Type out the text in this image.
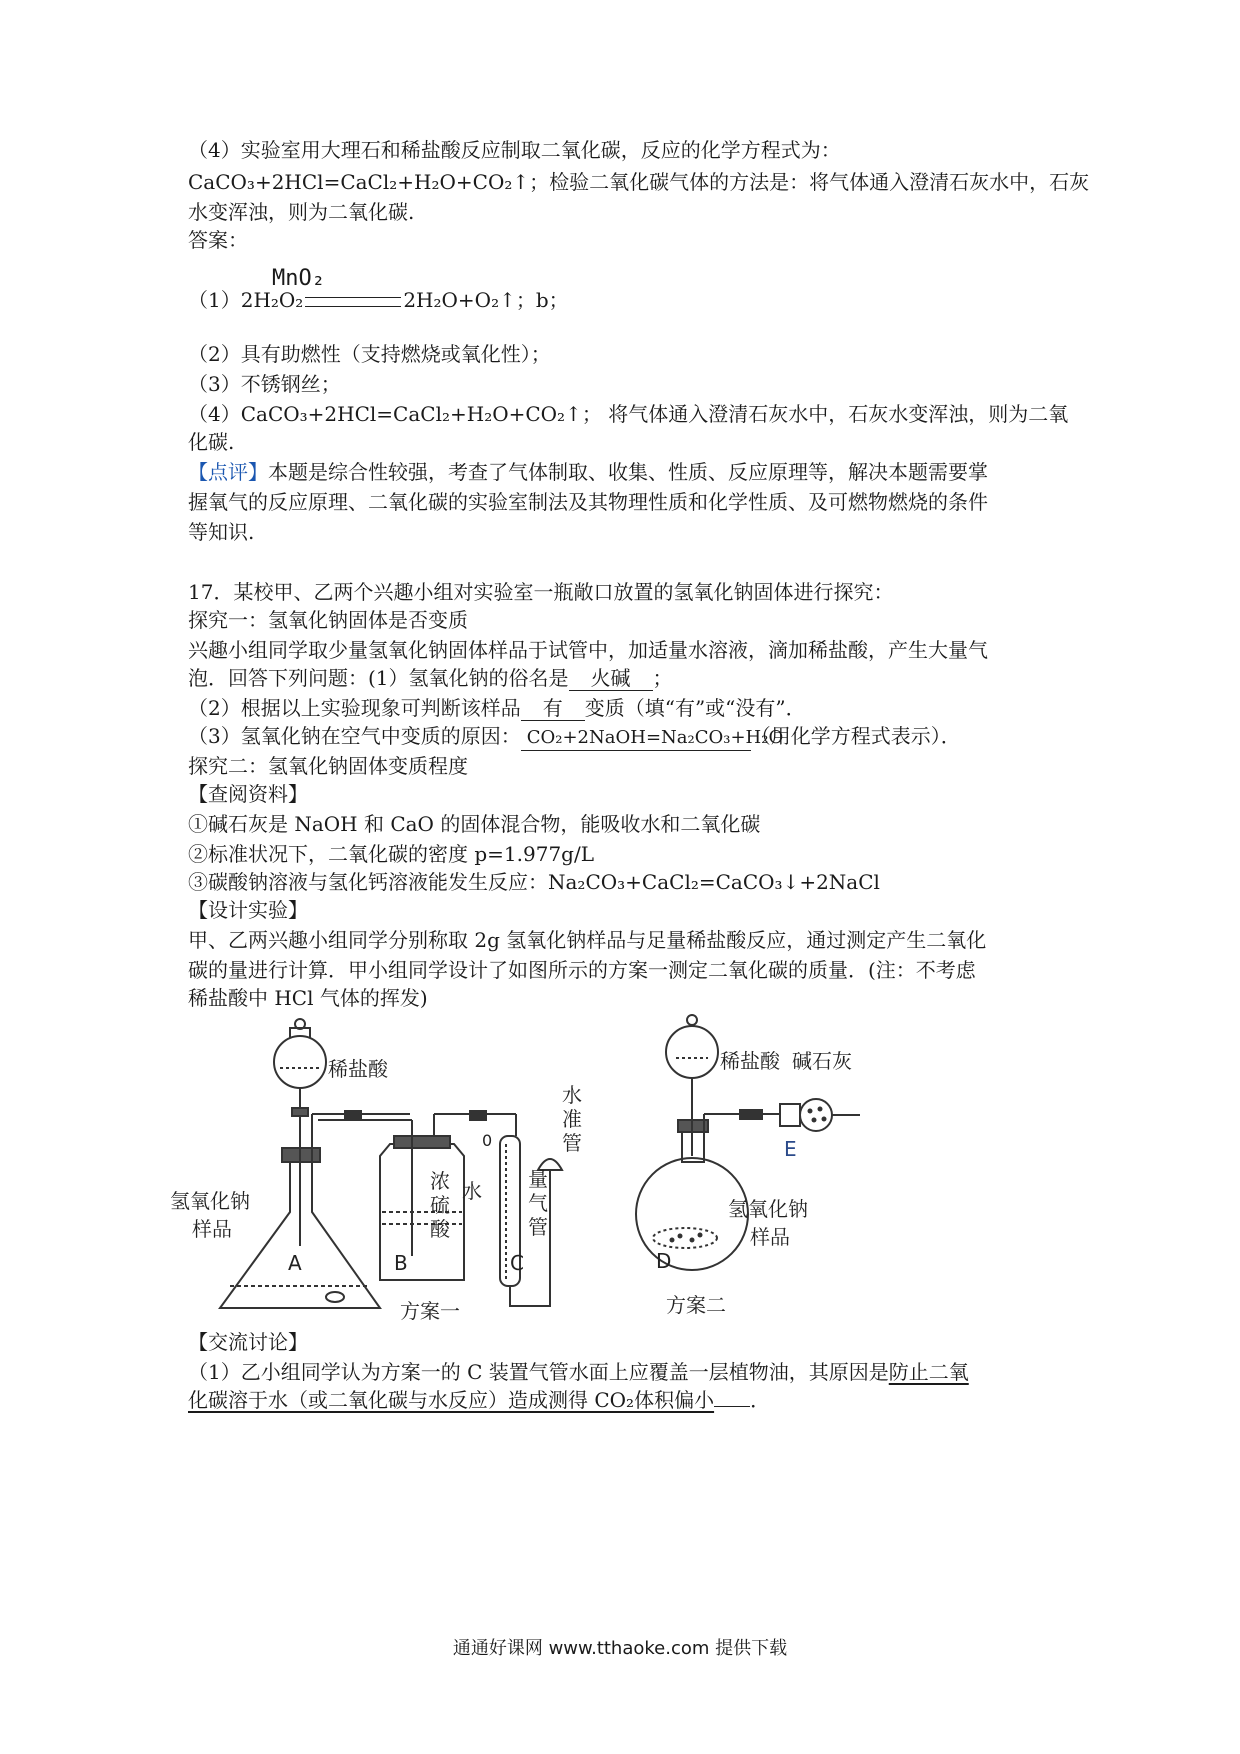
（4）实验室用大理石和稀盐酸反应制取二氧化碳，反应的化学方程式为：
CaCO₃+2HCl=CaCl₂+H₂O+CO₂↑；检验二氧化碳气体的方法是：将气体通入澄清石灰水中，石灰
水变浑浊，则为二氧化碳.
答案：
MnO₂
（1）2H₂O₂	2H₂O+O₂↑；b；
（2）具有助燃性（支持燃烧或氧化性）；
（3）不锈钢丝；
（4）CaCO₃+2HCl=CaCl₂+H₂O+CO₂↑； 将气体通入澄清石灰水中，石灰水变浑浊，则为二氧
化碳.
【点评】本题是综合性较强，考查了气体制取、收集、性质、反应原理等，解决本题需要掌
握氧气的反应原理、二氧化碳的实验室制法及其物理性质和化学性质、及可燃物燃烧的条件
等知识.
17．某校甲、乙两个兴趣小组对实验室一瓶敞口放置的氢氧化钠固体进行探究：
探究一：氢氧化钠固体是否变质
兴趣小组同学取少量氢氧化钠固体样品于试管中，加适量水溶液，滴加稀盐酸，产生大量气
泡．回答下列问题：(1）氢氧化钠的俗名是 火碱 ；
（2）根据以上实验现象可判断该样品 有 变质（填“有”或“没有”．
（3）氢氧化钠在空气中变质的原因： CO₂+2NaOH=Na₂CO₃+H₂O（用化学方程式表示）．
探究二：氢氧化钠固体变质程度
【查阅资料】
①碱石灰是 NaOH 和 CaO 的固体混合物，能吸收水和二氧化碳
②标准状况下，二氧化碳的密度 p=1.977g/L
③碳酸钠溶液与氢化钙溶液能发生反应：Na₂CO₃+CaCl₂=CaCO₃↓+2NaCl
【设计实验】
甲、乙两兴趣小组同学分别称取 2g 氢氧化钠样品与足量稀盐酸反应，通过测定产生二氧化
碳的量进行计算．甲小组同学设计了如图所示的方案一测定二氧化碳的质量．(注：不考虑
稀盐酸中 HCl 气体的挥发)
稀盐酸	稀盐酸 碱石灰
氢氧化钠
样品
氢氧化钠
样品
浓
硫
酸
水 量
气
管
水
准
管
0
A	B	C	D
E
方案一	方案二
【交流讨论】
（1）乙小组同学认为方案一的 C 装置气管水面上应覆盖一层植物油，其原因是防止二氧
化碳溶于水（或二氧化碳与水反应）造成测得 CO₂体积偏小 ．
通通好课网 www.tthaoke.com 提供下载
